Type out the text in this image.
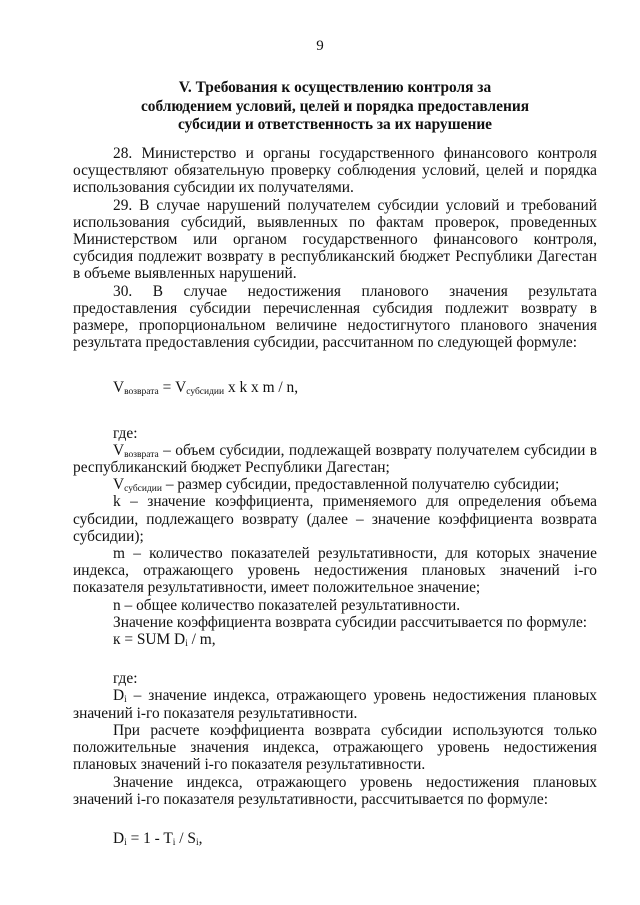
9
V. Требования к осуществлению контроля за
соблюдением условий, целей и порядка предоставления
субсидии и ответственность за их нарушение

28. Министерство и органы государственного финансового контроля осуществляют обязательную проверку соблюдения условий, целей и порядка использования субсидии их получателями.

29. В случае нарушений получателем субсидии условий и требований использования субсидий, выявленных по фактам проверок, проведенных Министерством или органом государственного финансового контроля, субсидия подлежит возврату в республиканский бюджет Республики Дагестан в объеме выявленных нарушений.

30. В случае недостижения планового значения результата предоставления субсидии перечисленная субсидия подлежит возврату в размере, пропорциональном величине недостигнутого планового значения результата предоставления субсидии, рассчитанном по следующей формуле:

$V_{возврата} = V_{субсидии}$ х k х m / n,

где:

$V_{возврата}$ – объем субсидии, подлежащей возврату получателем субсидии в республиканский бюджет Республики Дагестан;

$V_{субсидии}$ – размер субсидии, предоставленной получателю субсидии;

k – значение коэффициента, применяемого для определения объема субсидии, подлежащего возврату (далее – значение коэффициента возврата субсидии);

m – количество показателей результативности, для которых значение индекса, отражающего уровень недостижения плановых значений i-го показателя результативности, имеет положительное значение;

n – общее количество показателей результативности.

Значение коэффициента возврата субсидии рассчитывается по формуле:

к = SUM $D_i$ / m,

где:

$D_i$ – значение индекса, отражающего уровень недостижения плановых значений i-го показателя результативности.

При расчете коэффициента возврата субсидии используются только положительные значения индекса, отражающего уровень недостижения плановых значений i-го показателя результативности.

Значение индекса, отражающего уровень недостижения плановых значений i-го показателя результативности, рассчитывается по формуле:

$D_i = 1 - T_i / S_i$,
